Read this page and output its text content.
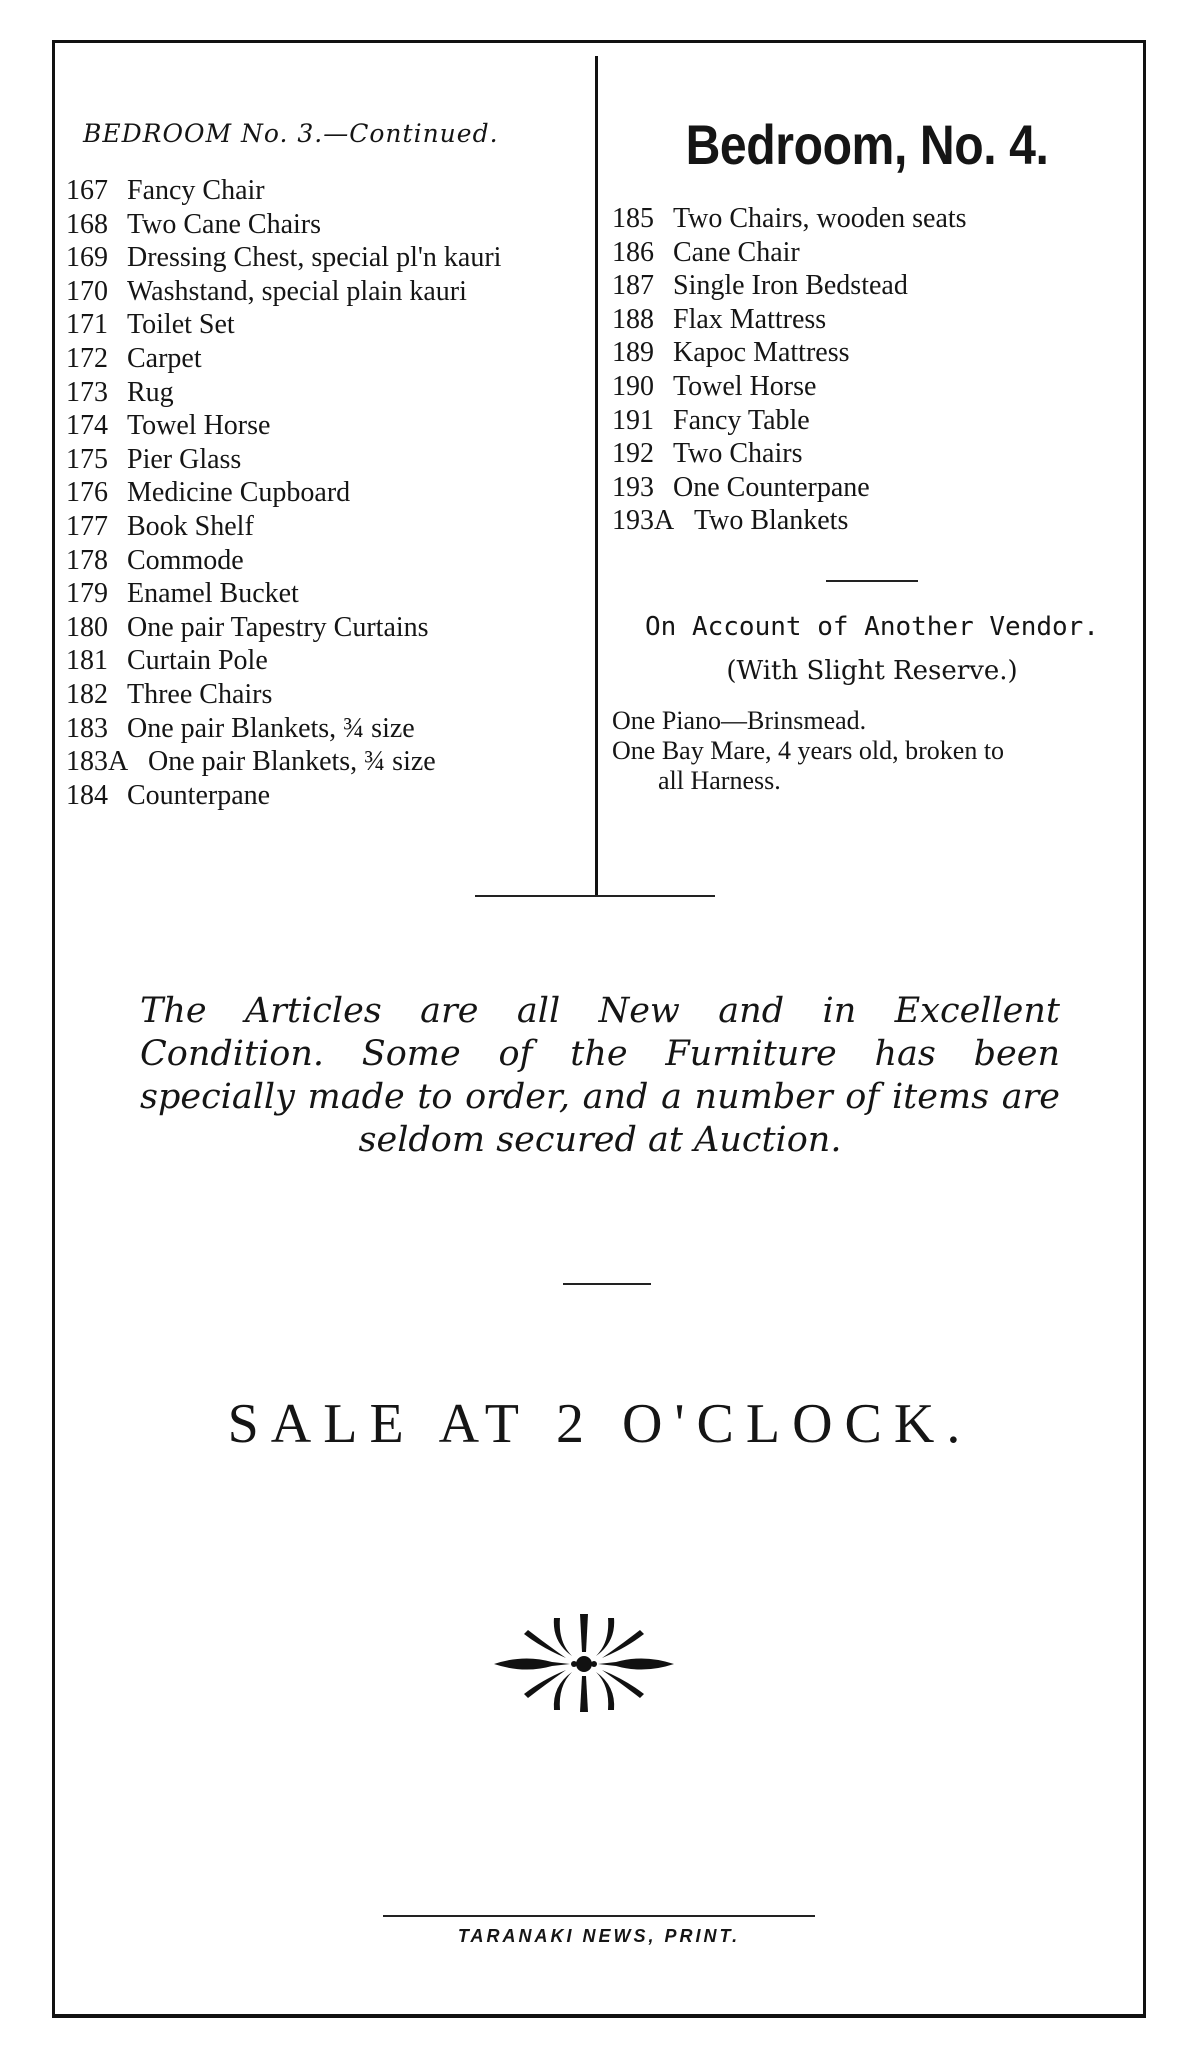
BEDROOM No. 3.—Continued.
167 Fancy Chair
168 Two Cane Chairs
169 Dressing Chest, special pl'n kauri
170 Washstand, special plain kauri
171 Toilet Set
172 Carpet
173 Rug
174 Towel Horse
175 Pier Glass
176 Medicine Cupboard
177 Book Shelf
178 Commode
179 Enamel Bucket
180 One pair Tapestry Curtains
181 Curtain Pole
182 Three Chairs
183 One pair Blankets, ¾ size
183A One pair Blankets, ¾ size
184 Counterpane
Bedroom, No. 4.
185 Two Chairs, wooden seats
186 Cane Chair
187 Single Iron Bedstead
188 Flax Mattress
189 Kapoc Mattress
190 Towel Horse
191 Fancy Table
192 Two Chairs
193 One Counterpane
193A Two Blankets
On Account of Another Vendor.
(With Slight Reserve.)
One Piano—Brinsmead.
One Bay Mare, 4 years old, broken to
all Harness.
The Articles are all New and in Excellent Condition. Some of the Furniture has been specially made to order, and a number of items are seldom secured at Auction.
SALE AT 2 O'CLOCK.
TARANAKI NEWS, PRINT.
